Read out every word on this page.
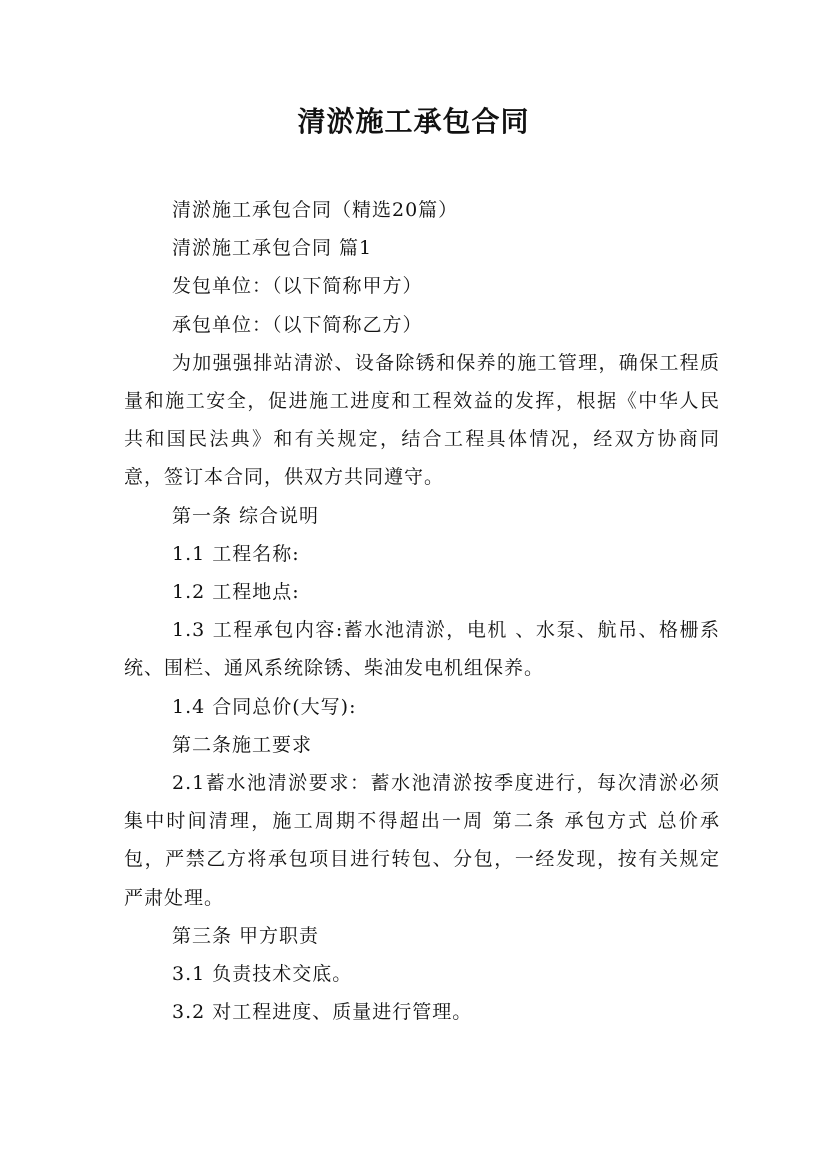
清淤施工承包合同

清淤施工承包合同（精选20篇）

清淤施工承包合同 篇1

发包单位：（以下简称甲方）

承包单位：（以下简称乙方）

为加强强排站清淤、设备除锈和保养的施工管理，确保工程质量和施工安全，促进施工进度和工程效益的发挥，根据《中华人民共和国民法典》和有关规定，结合工程具体情况，经双方协商同意，签订本合同，供双方共同遵守。

第一条 综合说明

1.1 工程名称:

1.2 工程地点:

1.3 工程承包内容:蓄水池清淤，电机 、水泵、航吊、格栅系统、围栏、通风系统除锈、柴油发电机组保养。

1.4 合同总价(大写):

第二条施工要求

2.1蓄水池清淤要求：蓄水池清淤按季度进行，每次清淤必须集中时间清理，施工周期不得超出一周 第二条 承包方式 总价承包，严禁乙方将承包项目进行转包、分包，一经发现，按有关规定严肃处理。

第三条 甲方职责

3.1 负责技术交底。

3.2 对工程进度、质量进行管理。
